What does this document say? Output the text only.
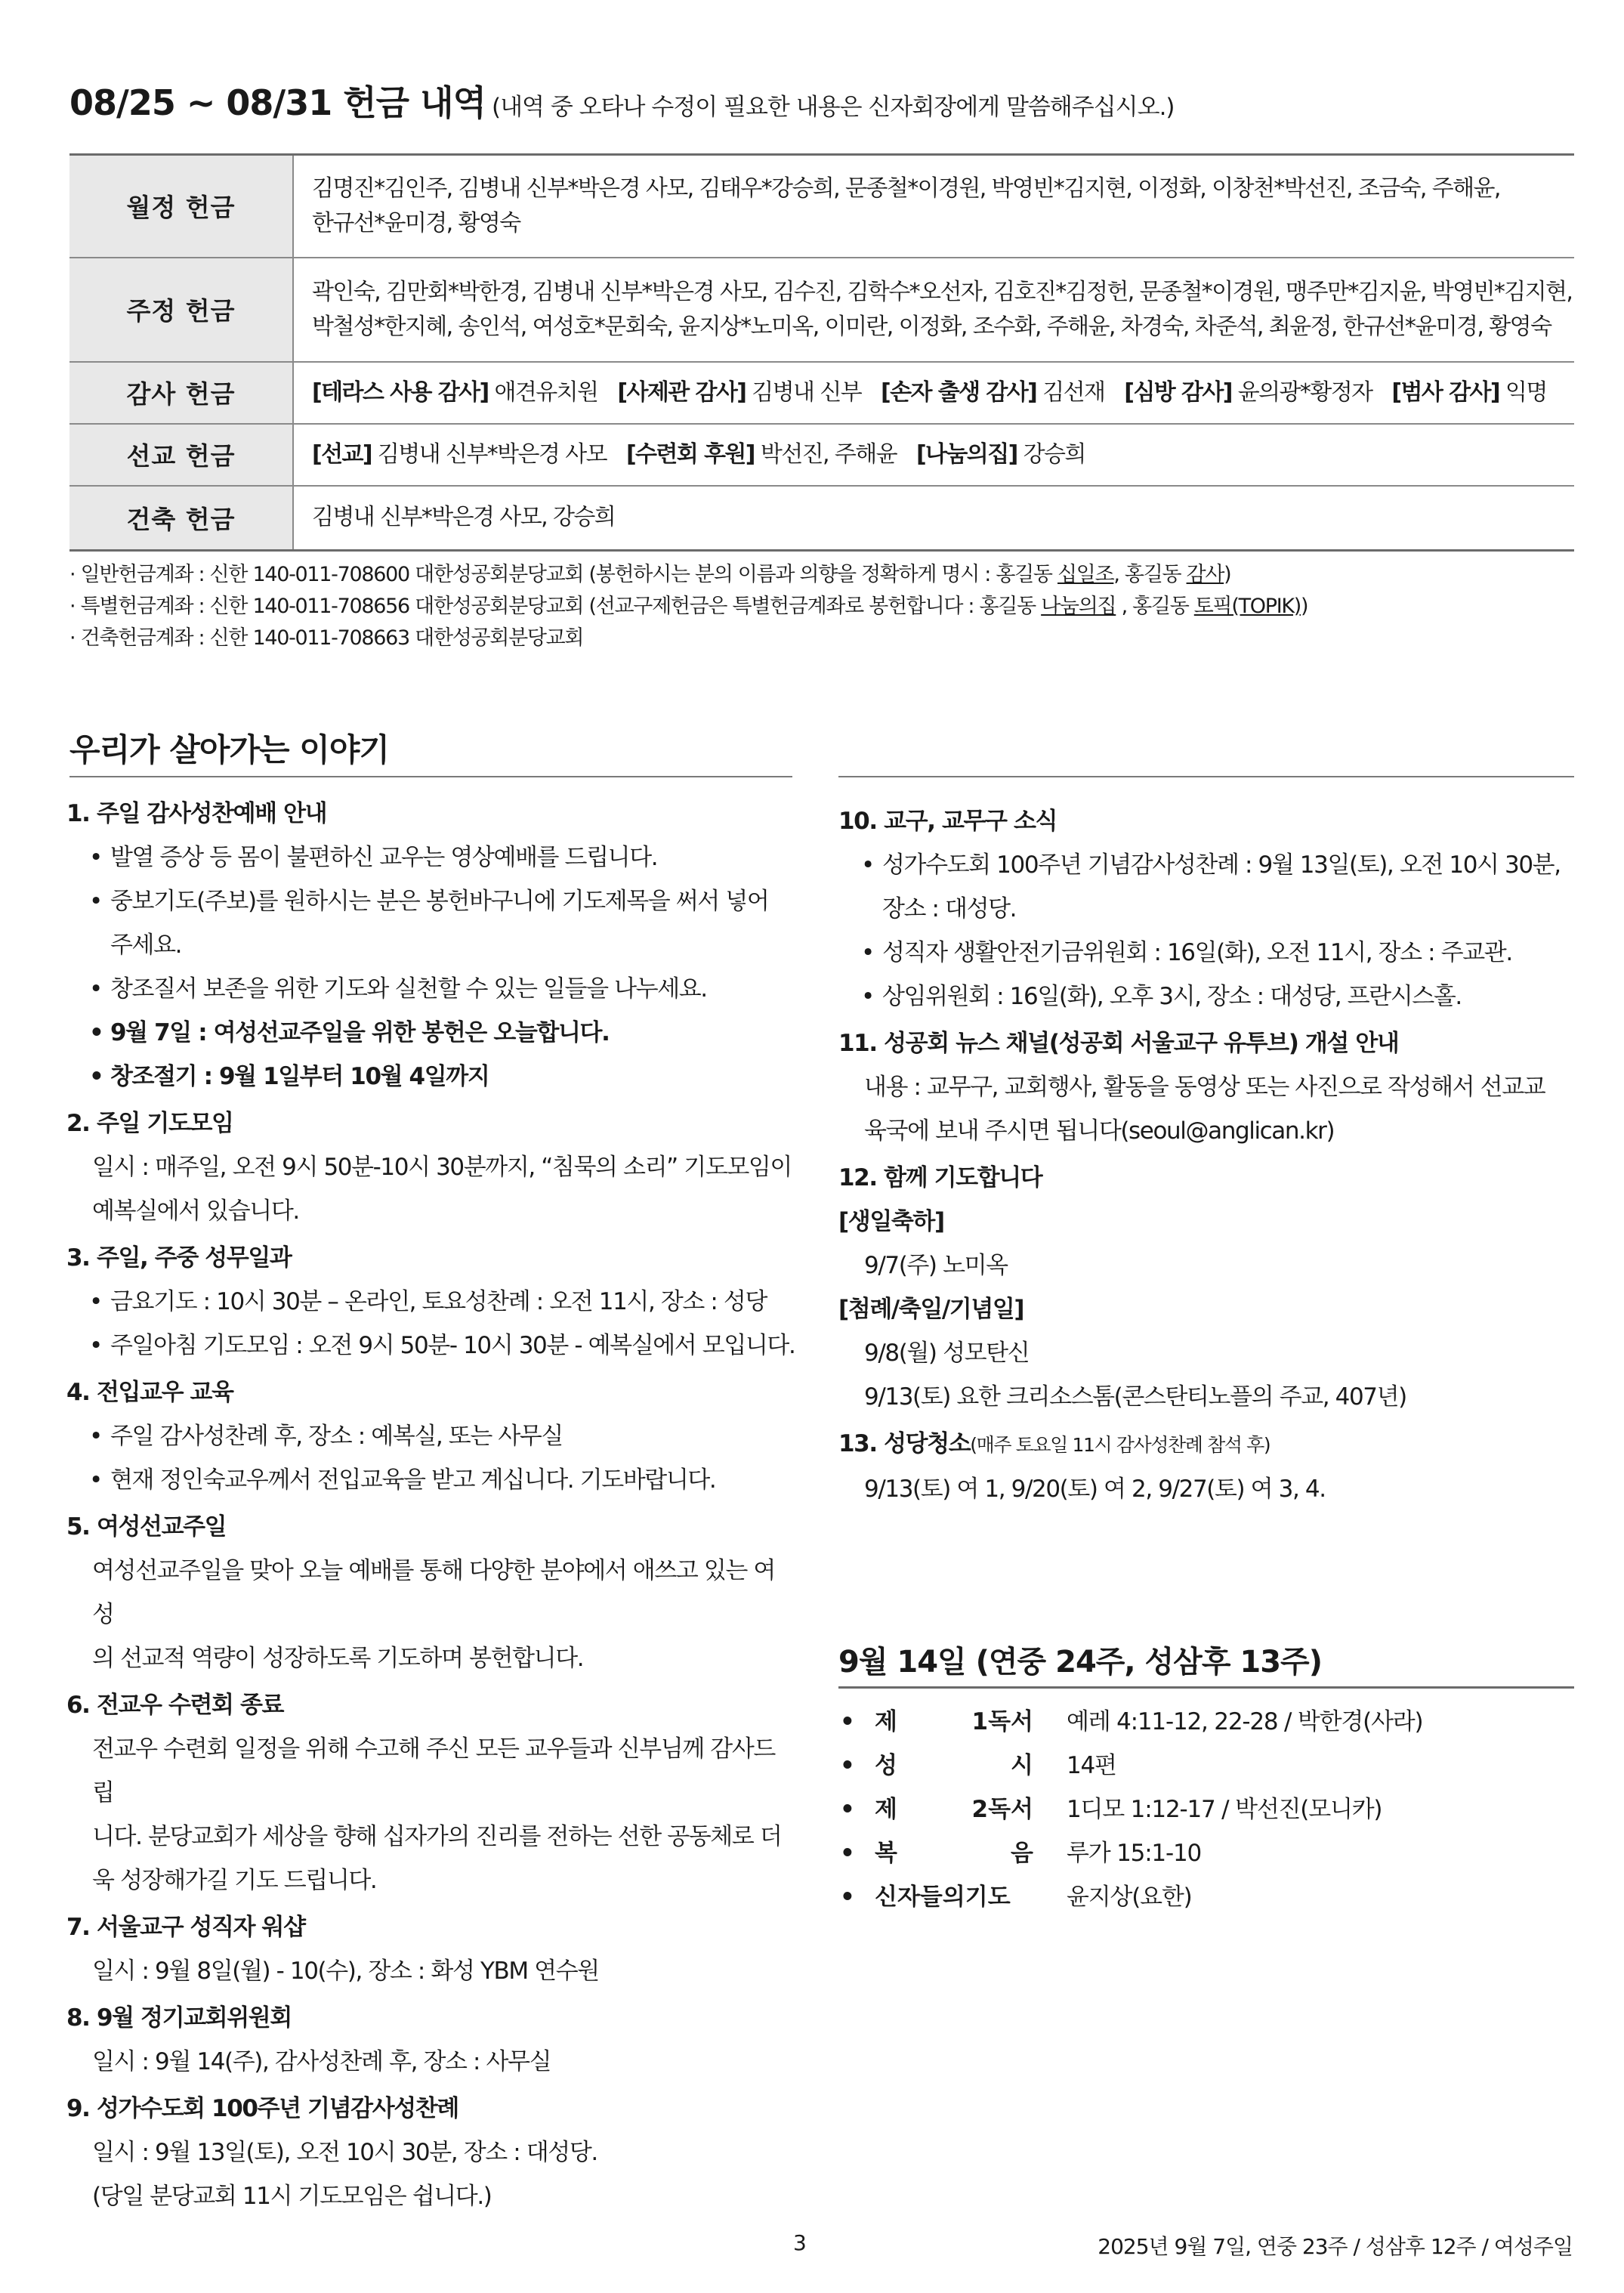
08/25 ~ 08/31 헌금 내역 (내역 중 오타나 수정이 필요한 내용은 신자회장에게 말씀해주십시오.)
월정 헌금	김명진*김인주, 김병내 신부*박은경 사모, 김태우*강승희, 문종철*이경원, 박영빈*김지현, 이정화, 이창천*박선진, 조금숙, 주해윤,
한규선*윤미경, 황영숙

주정 헌금	곽인숙, 김만회*박한경, 김병내 신부*박은경 사모, 김수진, 김학수*오선자, 김호진*김정헌, 문종철*이경원, 맹주만*김지윤, 박영빈*김지현,
박철성*한지혜, 송인석, 여성호*문회숙, 윤지상*노미옥, 이미란, 이정화, 조수화, 주해윤, 차경숙, 차준석, 최윤정, 한규선*윤미경, 황영숙

감사 헌금	[테라스 사용 감사] 애견유치원 [사제관 감사] 김병내 신부 [손자 출생 감사] 김선재 [심방 감사] 윤의광*황정자 [범사 감사] 익명
선교 헌금	[선교] 김병내 신부*박은경 사모 [수련회 후원] 박선진, 주해윤 [나눔의집] 강승희
건축 헌금	김병내 신부*박은경 사모, 강승희
· 일반헌금계좌 : 신한 140-011-708600 대한성공회분당교회 (봉헌하시는 분의 이름과 의향을 정확하게 명시 : 홍길동 십일조, 홍길동 감사)
· 특별헌금계좌 : 신한 140-011-708656 대한성공회분당교회 (선교구제헌금은 특별헌금계좌로 봉헌합니다 : 홍길동 나눔의집 , 홍길동 토픽(TOPIK))
· 건축헌금계좌 : 신한 140-011-708663 대한성공회분당교회
우리가 살아가는 이야기
1. 주일 감사성찬예배 안내
• 발열 증상 등 몸이 불편하신 교우는 영상예배를 드립니다.
• 중보기도(주보)를 원하시는 분은 봉헌바구니에 기도제목을 써서 넣어
주세요.
• 창조질서 보존을 위한 기도와 실천할 수 있는 일들을 나누세요.
• 9월 7일 : 여성선교주일을 위한 봉헌은 오늘합니다.
• 창조절기 : 9월 1일부터 10월 4일까지
2. 주일 기도모임
일시 : 매주일, 오전 9시 50분-10시 30분까지, “침묵의 소리” 기도모임이
예복실에서 있습니다.
3. 주일, 주중 성무일과
• 금요기도 : 10시 30분 – 온라인, 토요성찬례 : 오전 11시, 장소 : 성당
• 주일아침 기도모임 : 오전 9시 50분- 10시 30분 - 예복실에서 모입니다.
4. 전입교우 교육
• 주일 감사성찬례 후, 장소 : 예복실, 또는 사무실
• 현재 정인숙교우께서 전입교육을 받고 계십니다. 기도바랍니다.
5. 여성선교주일
여성선교주일을 맞아 오늘 예배를 통해 다양한 분야에서 애쓰고 있는 여성
의 선교적 역량이 성장하도록 기도하며 봉헌합니다.
6. 전교우 수련회 종료
전교우 수련회 일정을 위해 수고해 주신 모든 교우들과 신부님께 감사드립
니다. 분당교회가 세상을 향해 십자가의 진리를 전하는 선한 공동체로 더
욱 성장해가길 기도 드립니다.
7. 서울교구 성직자 워샵
일시 : 9월 8일(월) - 10(수), 장소 : 화성 YBM 연수원
8. 9월 정기교회위원회
일시 : 9월 14(주), 감사성찬례 후, 장소 : 사무실
9. 성가수도회 100주년 기념감사성찬례
일시 : 9월 13일(토), 오전 10시 30분, 장소 : 대성당.
(당일 분당교회 11시 기도모임은 쉽니다.)
10. 교구, 교무구 소식
• 성가수도회 100주년 기념감사성찬례 : 9월 13일(토), 오전 10시 30분,
장소 : 대성당.
• 성직자 생활안전기금위원회 : 16일(화), 오전 11시, 장소 : 주교관.
• 상임위원회 : 16일(화), 오후 3시, 장소 : 대성당, 프란시스홀.
11. 성공회 뉴스 채널(성공회 서울교구 유투브) 개설 안내
내용 : 교무구, 교회행사, 활동을 동영상 또는 사진으로 작성해서 선교교
육국에 보내 주시면 됩니다(seoul@anglican.kr)
12. 함께 기도합니다
[생일축하]
9/7(주) 노미옥
[첨례/축일/기념일]
9/8(월) 성모탄신
9/13(토) 요한 크리소스톰(콘스탄티노플의 주교, 407년)
13. 성당청소(매주 토요일 11시 감사성찬례 참석 후)
9/13(토) 여 1, 9/20(토) 여 2, 9/27(토) 여 3, 4.
9월 14일 (연중 24주, 성삼후 13주)
• 제 1독서 예레 4:11-12, 22-28 / 박한경(사라)
• 성 시 14편
• 제 2독서 1디모 1:12-17 / 박선진(모니카)
• 복 음 루가 15:1-10
• 신자들의기도	윤지상(요한)
3	2025년 9월 7일, 연중 23주 / 성삼후 12주 / 여성주일
